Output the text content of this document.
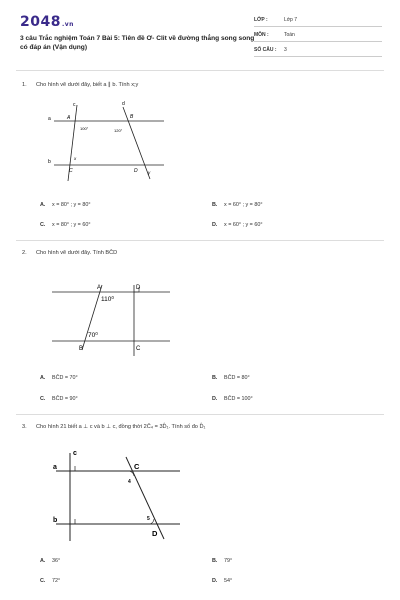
2048.vn
3 câu Trắc nghiệm Toán 7 Bài 5: Tiên đề Ơ- Clit về đường thẳng song song có đáp án (Vận dụng)
LỚP :	Lớp 7
MÔN :	Toán
SỐ CÂU : 3
1. Cho hình vẽ dưới đây, biết a ∥ b. Tính x;y
a
b
c	d
A	B
C	D
100°	120°
x
y
A. x = 80° ; y = 80°	B. x = 60° ; y = 80°
C. x = 80° ; y = 60°	D. x = 60° ; y = 60°
2. Cho hình vẽ dưới đây. Tính BĈD
A	D
B	C
110⁰
70⁰
A. BĈD = 70°	B. BĈD = 80°
C. BĈD = 90°	D. BĈD = 100°
3. Cho hình 21 biết a ⊥ c và b ⊥ c, đồng thời 2Ĉ₄ = 3D̂₁. Tính số đo D̂₁
c
a
b
C
D
4
5
A. 36°	B. 79°
C. 72°	D. 54°
